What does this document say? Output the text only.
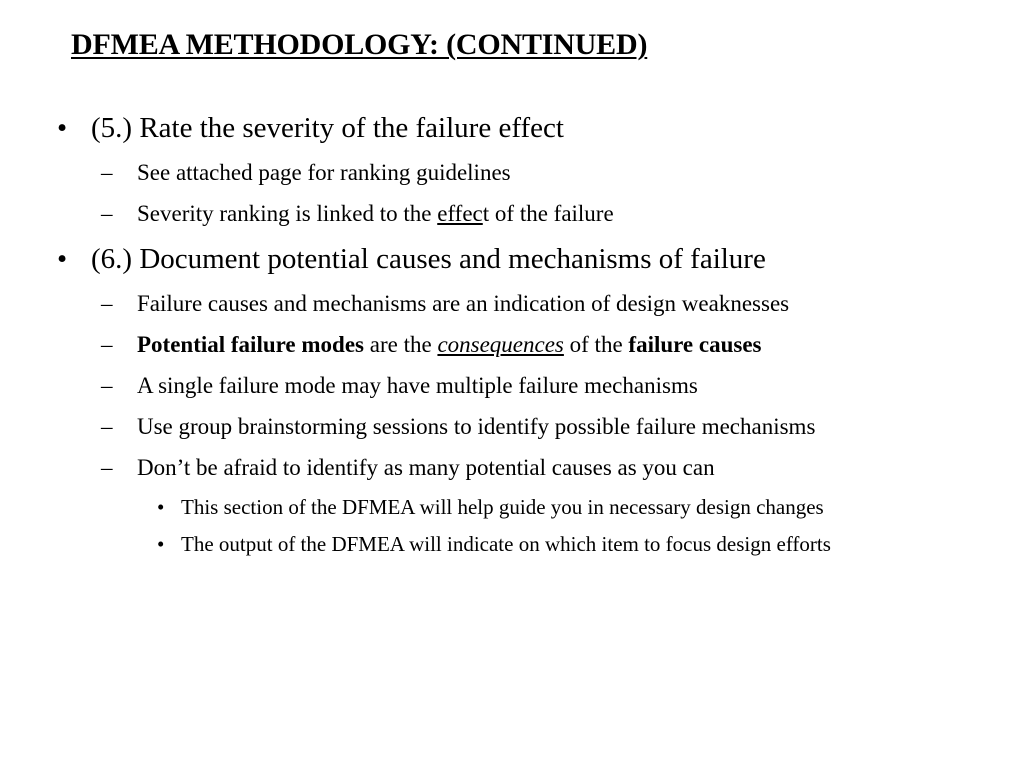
DFMEA METHODOLOGY: (CONTINUED)
• (5.) Rate the severity of the failure effect
– See attached page for ranking guidelines
– Severity ranking is linked to the effect of the failure
• (6.) Document potential causes and mechanisms of failure
– Failure causes and mechanisms are an indication of design weaknesses
– Potential failure modes are the consequences of the failure causes
– A single failure mode may have multiple failure mechanisms
– Use group brainstorming sessions to identify possible failure mechanisms
– Don’t be afraid to identify as many potential causes as you can
• This section of the DFMEA will help guide you in necessary design changes
• The output of the DFMEA will indicate on which item to focus design efforts
